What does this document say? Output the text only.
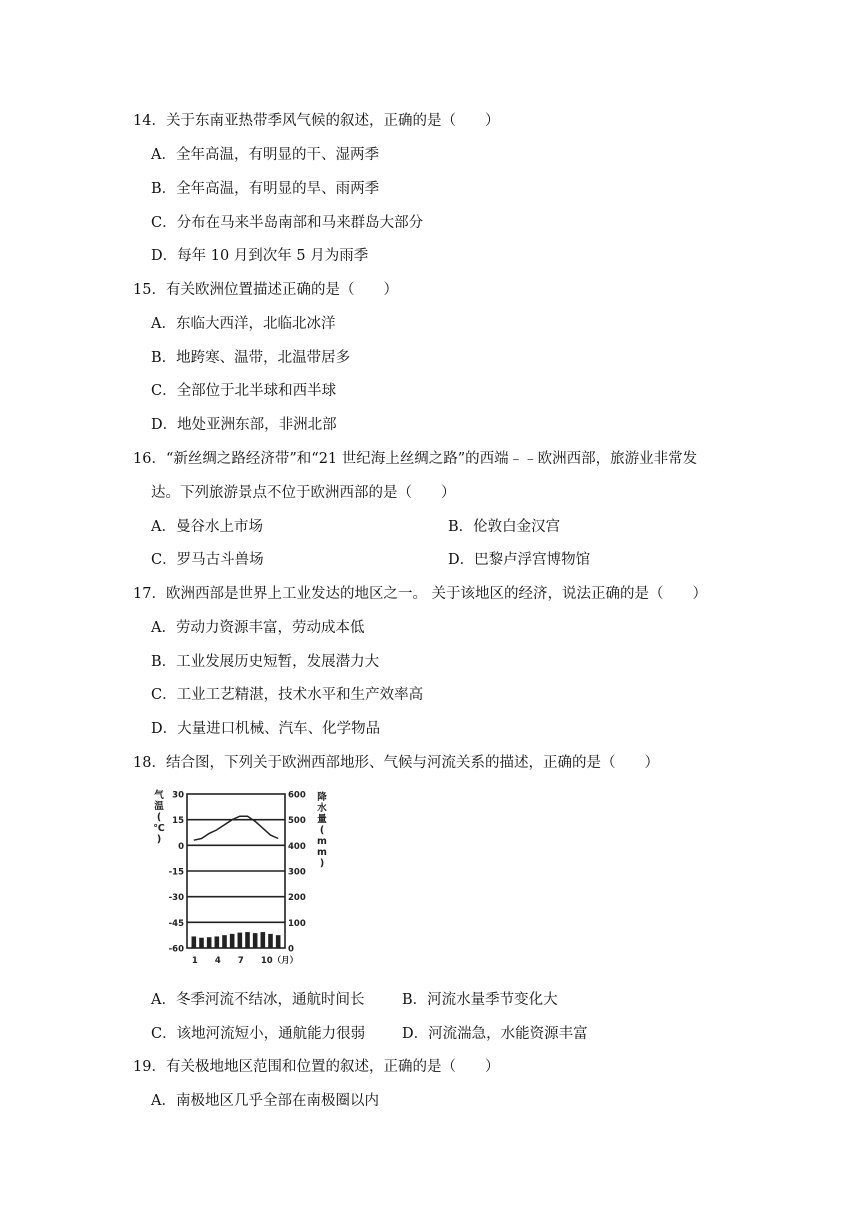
14．关于东南亚热带季风气候的叙述，正确的是（　　）
A．全年高温，有明显的干、湿两季
B．全年高温，有明显的旱、雨两季
C．分布在马来半岛南部和马来群岛大部分
D．每年 10 月到次年 5 月为雨季
15．有关欧洲位置描述正确的是（　　）
A．东临大西洋，北临北冰洋
B．地跨寒、温带，北温带居多
C．全部位于北半球和西半球
D．地处亚洲东部，非洲北部
16．“新丝绸之路经济带”和“21 世纪海上丝绸之路”的西端﹣﹣欧洲西部，旅游业非常发
达。下列旅游景点不位于欧洲西部的是（　　）
A．曼谷水上市场	B．伦敦白金汉宫
C．罗马古斗兽场	D．巴黎卢浮宫博物馆
17．欧洲西部是世界上工业发达的地区之一。 关于该地区的经济，说法正确的是（　　）
A．劳动力资源丰富，劳动成本低
B．工业发展历史短暂，发展潜力大
C．工业工艺精湛，技术水平和生产效率高
D．大量进口机械、汽车、化学物品
18．结合图，下列关于欧洲西部地形、气候与河流关系的描述，正确的是（　　）
气
温
(
℃
)
降
水
量
(
m
m
)
30
15
0
-15
-30
-45
-60
600
500
400
300
200
100
0
1 4 7 10（月）
A．冬季河流不结冰，通航时间长	B．河流水量季节变化大
C．该地河流短小，通航能力很弱	D．河流湍急，水能资源丰富
19．有关极地地区范围和位置的叙述，正确的是（　　）
A．南极地区几乎全部在南极圈以内
